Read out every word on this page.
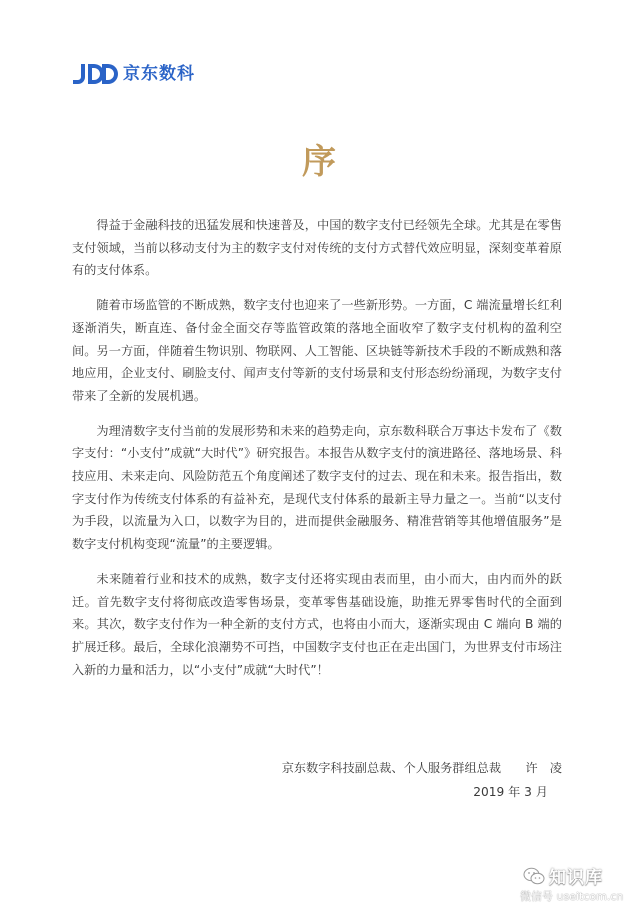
京东数科
序

得益于金融科技的迅猛发展和快速普及，中国的数字支付已经领先全球。尤其是在零售支付领域，当前以移动支付为主的数字支付对传统的支付方式替代效应明显，深刻变革着原有的支付体系。

随着市场监管的不断成熟，数字支付也迎来了一些新形势。一方面，C 端流量增长红利逐渐消失，断直连、备付金全面交存等监管政策的落地全面收窄了数字支付机构的盈利空间。另一方面，伴随着生物识别、物联网、人工智能、区块链等新技术手段的不断成熟和落地应用，企业支付、刷脸支付、闻声支付等新的支付场景和支付形态纷纷涌现，为数字支付带来了全新的发展机遇。

为理清数字支付当前的发展形势和未来的趋势走向，京东数科联合万事达卡发布了《数字支付：“小支付”成就“大时代”》研究报告。本报告从数字支付的演进路径、落地场景、科技应用、未来走向、风险防范五个角度阐述了数字支付的过去、现在和未来。报告指出，数字支付作为传统支付体系的有益补充，是现代支付体系的最新主导力量之一。当前“以支付为手段，以流量为入口，以数字为目的，进而提供金融服务、精准营销等其他增值服务”是数字支付机构变现“流量”的主要逻辑。

未来随着行业和技术的成熟，数字支付还将实现由表而里，由小而大，由内而外的跃迁。首先数字支付将彻底改造零售场景，变革零售基础设施，助推无界零售时代的全面到来。其次，数字支付作为一种全新的支付方式，也将由小而大，逐渐实现由 C 端向 B 端的扩展迁移。最后，全球化浪潮势不可挡，中国数字支付也正在走出国门，为世界支付市场注入新的力量和活力，以“小支付”成就“大时代”！

京东数字科技副总裁、个人服务群组总裁　　许　凌
2019 年 3 月
知识库
微信号 useitcom.cn
